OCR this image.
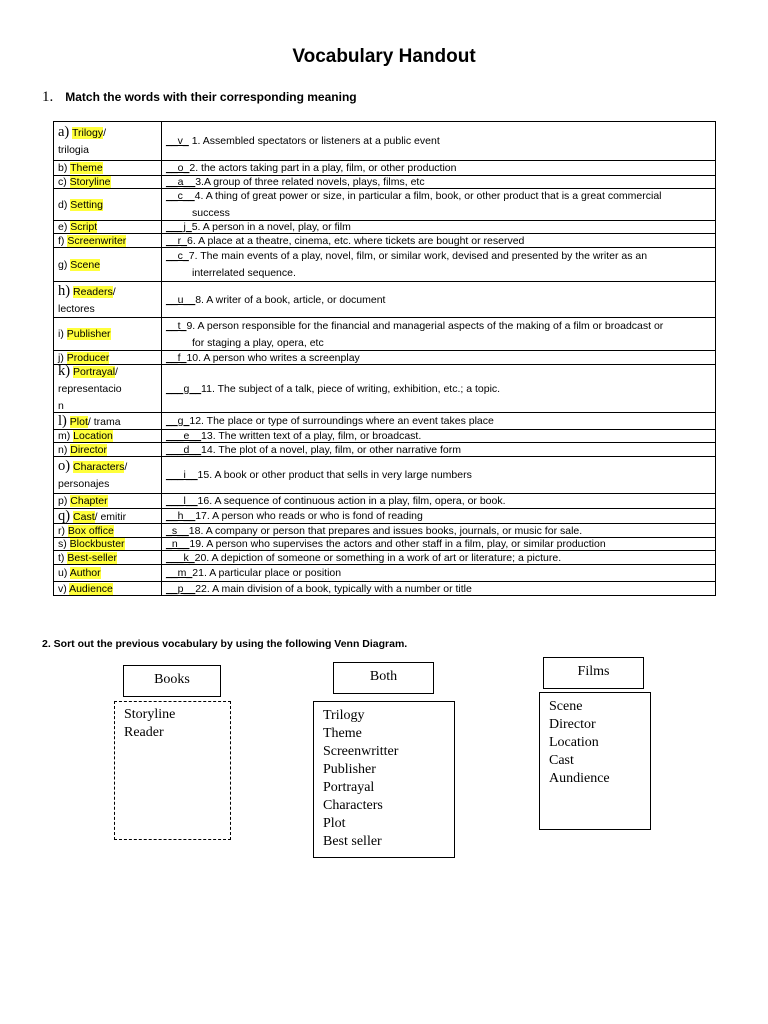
Vocabulary Handout
1. Match the words with their corresponding meaning
a) Trilogy/
trilogia	__v_ 1. Assembled spectators or listeners at a public event
b) Theme	__o_2. the actors taking part in a play, film, or other production
c) Storyline	__a__3.A group of three related novels, plays, films, etc
d) Setting	__c__4. A thing of great power or size, in particular a film, book, or other product that is a great commercial
success

e) Script	___j_5. A person in a novel, play, or film
f) Screenwriter	__r_6. A place at a theatre, cinema, etc. where tickets are bought or reserved
g) Scene	__c_7. The main events of a play, novel, film, or similar work, devised and presented by the writer as an
interrelated sequence.

h) Readers/
lectores	__u__8. A writer of a book, article, or document
i) Publisher	__t_9. A person responsible for the financial and managerial aspects of the making of a film or broadcast or
for staging a play, opera, etc

j) Producer	__f_10. A person who writes a screenplay
k) Portrayal/
representacio
n	___g__11. The subject of a talk, piece of writing, exhibition, etc.; a topic.
l) Plot/ trama	__g_12. The place or type of surroundings where an event takes place
m) Location	___e__13. The written text of a play, film, or broadcast.
n) Director	___d__14. The plot of a novel, play, film, or other narrative form
o) Characters/
personajes	___i__15. A book or other product that sells in very large numbers
p) Chapter	___l__16. A sequence of continuous action in a play, film, opera, or book.
q) Cast/ emitir	__h__17. A person who reads or who is fond of reading
r) Box office	_s__18. A company or person that prepares and issues books, journals, or music for sale.
s) Blockbuster	_n__19. A person who supervises the actors and other staff in a film, play, or similar production
t) Best-seller	___k_20. A depiction of someone or something in a work of art or literature; a picture.
u) Author	__m_21. A particular place or position
v) Audience	__p__22. A main division of a book, typically with a number or title
2. Sort out the previous vocabulary by using the following Venn Diagram.
Books
Storyline
Reader
Both
Trilogy
Theme
Screenwritter
Publisher
Portrayal
Characters
Plot
Best seller
Films
Scene
Director
Location
Cast
Aundience
